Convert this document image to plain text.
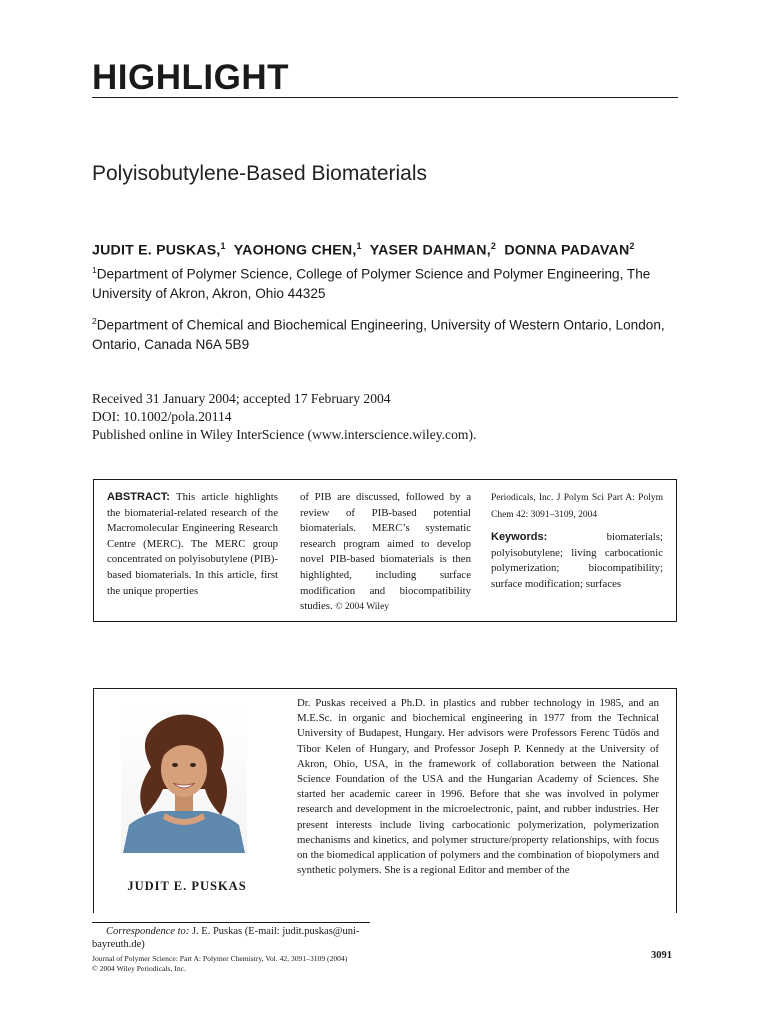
HIGHLIGHT
Polyisobutylene-Based Biomaterials
JUDIT E. PUSKAS,$^1$ YAOHONG CHEN,$^1$ YASER DAHMAN,$^2$ DONNA PADAVAN$^2$
$^1$Department of Polymer Science, College of Polymer Science and Polymer Engineering, The University of Akron, Akron, Ohio 44325
$^2$Department of Chemical and Biochemical Engineering, University of Western Ontario, London, Ontario, Canada N6A 5B9
Received 31 January 2004; accepted 17 February 2004
DOI: 10.1002/pola.20114
Published online in Wiley InterScience (www.interscience.wiley.com).
ABSTRACT: This article highlights the biomaterial-related research of the Macromolecular Engineering Research Centre (MERC). The MERC group concentrated on polyisobutylene (PIB)-based biomaterials. In this article, first the unique properties
of PIB are discussed, followed by a review of PIB-based potential biomaterials. MERC’s systematic research program aimed to develop novel PIB-based biomaterials is then highlighted, including surface modification and biocompatibility studies. © 2004 Wiley
Periodicals, Inc. J Polym Sci Part A: Polym Chem 42: 3091–3109, 2004
Keywords:	biomaterials; polyisobutylene; living carbocationic polymerization; biocompatibility; surface modification; surfaces
JUDIT E. PUSKAS
Dr. Puskas received a Ph.D. in plastics and rubber technology in 1985, and an M.E.Sc. in organic and biochemical engineering in 1977 from the Technical University of Budapest, Hungary. Her advisors were Professors Ferenc Tüdös and Tibor Kelen of Hungary, and Professor Joseph P. Kennedy at the University of Akron, Ohio, USA, in the framework of collaboration between the National Science Foundation of the USA and the Hungarian Academy of Sciences. She started her academic career in 1996. Before that she was involved in polymer research and development in the microelectronic, paint, and rubber industries. Her present interests include living carbocationic polymerization, polymerization mechanisms and kinetics, and polymer structure/property relationships, with focus on the biomedical application of polymers and the combination of biopolymers and synthetic polymers. She is a regional Editor and member of the
Correspondence to: J. E. Puskas (E-mail: judit.puskas@uni-bayreuth.de)
Journal of Polymer Science: Part A: Polymer Chemistry, Vol. 42, 3091–3109 (2004)
© 2004 Wiley Periodicals, Inc.
3091
